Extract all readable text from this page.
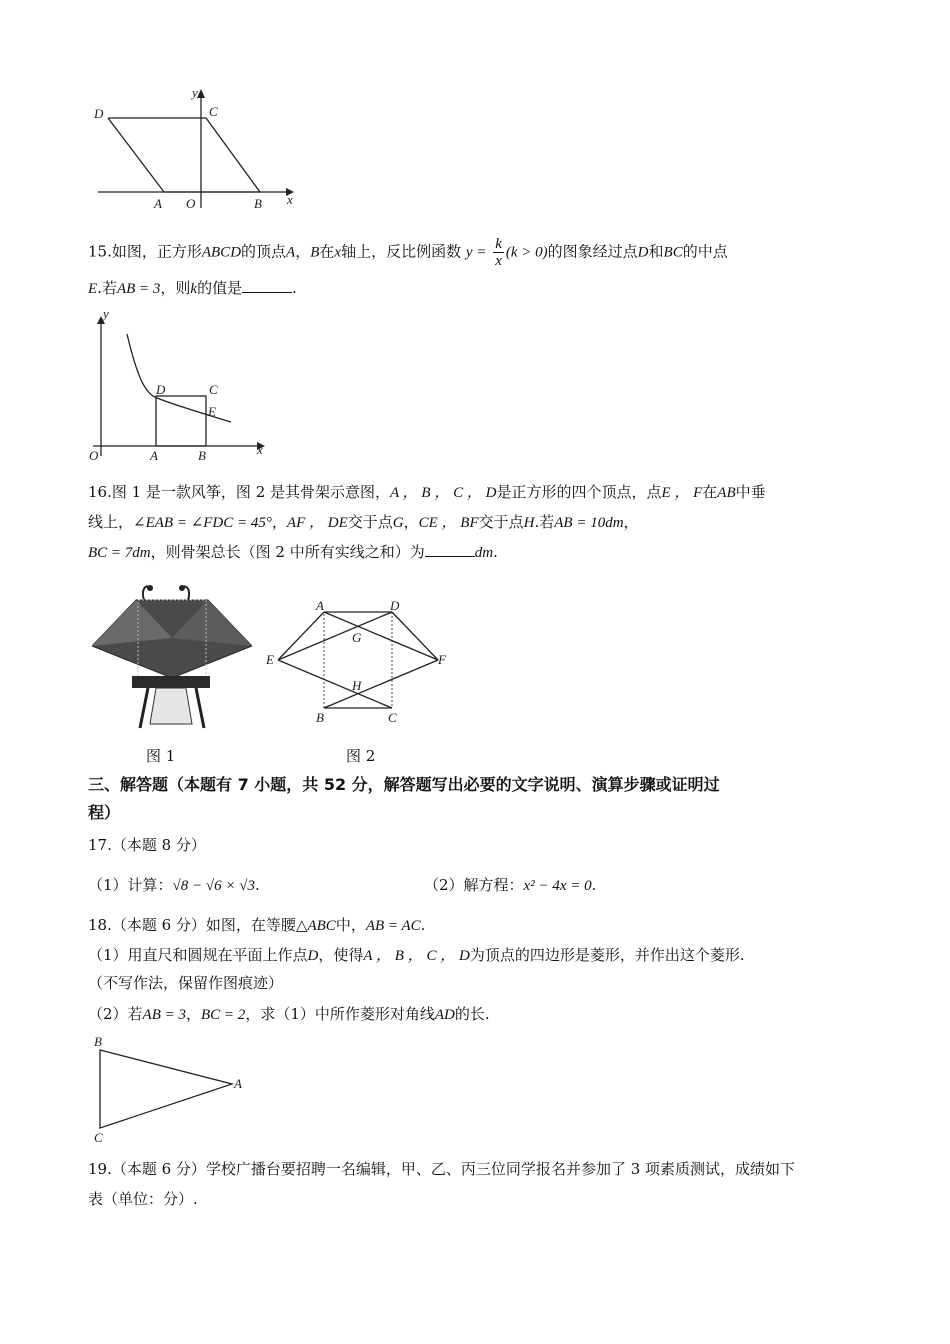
D	C
y
A O	B x
15.如图，正方形ABCD的顶点A，B在x轴上，反比例函数 $y = \frac{k}{x} (k > 0)$的图象经过点D和BC的中点
E.若AB = 3，则k的值是	.
y
D	C
E
O	A	B	x
16.图 1 是一款风筝，图 2 是其骨架示意图，A ， B ， C ， D是正方形的四个顶点，点E ， F在AB中垂
线上，∠EAB = ∠FDC = 45°，AF ， DE交于点G，CE ， BF交于点H.若AB = 10dm，
BC = 7dm，则骨架总长（图 2 中所有实线之和）为	dm.
A	D
G
E	F
H
B	C
图 1	图 2
三、解答题（本题有 7 小题，共 52 分，解答题写出必要的文字说明、演算步骤或证明过
程）
17.（本题 8 分）
（1）计算：√8 − √6 × √3.	（2）解方程：x² − 4x = 0.
18.（本题 6 分）如图，在等腰△ABC中，AB = AC.
（1）用直尺和圆规在平面上作点D，使得A ， B ， C ， D为顶点的四边形是菱形，并作出这个菱形.
（不写作法，保留作图痕迹）
（2）若AB = 3，BC = 2，求（1）中所作菱形对角线AD的长.
B
A
C
19.（本题 6 分）学校广播台要招聘一名编辑，甲、乙、丙三位同学报名并参加了 3 项素质测试，成绩如下
表（单位：分）.
